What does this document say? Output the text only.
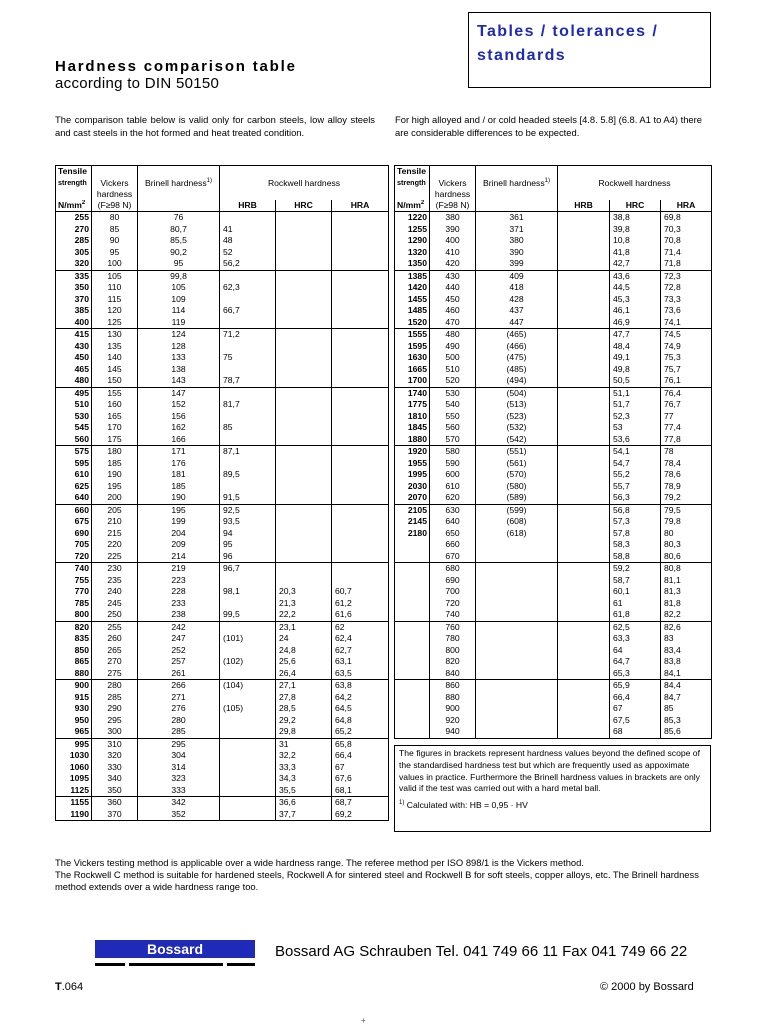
Tables / tolerances / standards
Hardness comparison table
according to DIN 50150
The comparison table below is valid only for carbon steels, low alloy steels and cast steels in the hot formed and heat treated condition.
For high alloyed and / or cold headed steels [4.8. 5.8] (6.8. A1 to A4) there are considerable differences to be expected.
Tensile
strength	Vickers	Brinell hardness$^{1)}$	Rockwell hardness		
	hardness				
$N/mm^2$	(F≥98 N)		HRB	HRC	HRA
255	80	76			
270	85	80,7	41		
285	90	85,5	48		
305	95	90,2	52		
320	100	95	56,2		
335	105	99,8			
350	110	105	62,3		
370	115	109			
385	120	114	66,7		
400	125	119			
415	130	124	71,2		
430	135	128			
450	140	133	75		
465	145	138			
480	150	143	78,7		
495	155	147			
510	160	152	81,7		
530	165	156			
545	170	162	85		
560	175	166			
575	180	171	87,1		
595	185	176			
610	190	181	89,5		
625	195	185			
640	200	190	91,5		
660	205	195	92,5		
675	210	199	93,5		
690	215	204	94		
705	220	209	95		
720	225	214	96		
740	230	219	96,7		
755	235	223			
770	240	228	98,1	20,3	60,7
785	245	233		21,3	61,2
800	250	238	99,5	22,2	61,6
820	255	242		23,1	62
835	260	247	(101)	24	62,4
850	265	252		24,8	62,7
865	270	257	(102)	25,6	63,1
880	275	261		26,4	63,5
900	280	266	(104)	27,1	63,8
915	285	271		27,8	64,2
930	290	276	(105)	28,5	64,5
950	295	280		29,2	64,8
965	300	285		29,8	65,2
995	310	295		31	65,8
1030	320	304		32,2	66,4
1060	330	314		33,3	67
1095	340	323		34,3	67,6
1125	350	333		35,5	68,1
1155	360	342		36,6	68,7
1190	370	352		37,7	69,2
Tensile
strength	Vickers	Brinell hardness$^{1)}$	Rockwell hardness		
	hardness				
$N/mm^2$	(F≥98 N)		HRB	HRC	HRA
1220	380	361		38,8	69,8
1255	390	371		39,8	70,3
1290	400	380		10,8	70,8
1320	410	390		41,8	71,4
1350	420	399		42,7	71,8
1385	430	409		43,6	72,3
1420	440	418		44,5	72,8
1455	450	428		45,3	73,3
1485	460	437		46,1	73,6
1520	470	447		46,9	74,1
1555	480	(465)		47,7	74,5
1595	490	(466)		48,4	74,9
1630	500	(475)		49,1	75,3
1665	510	(485)		49,8	75,7
1700	520	(494)		50,5	76,1
1740	530	(504)		51,1	76,4
1775	540	(513)		51,7	76,7
1810	550	(523)		52,3	77
1845	560	(532)		53	77,4
1880	570	(542)		53,6	77,8
1920	580	(551)		54,1	78
1955	590	(561)		54,7	78,4
1995	600	(570)		55,2	78,6
2030	610	(580)		55,7	78,9
2070	620	(589)		56,3	79,2
2105	630	(599)		56,8	79,5
2145	640	(608)		57,3	79,8
2180	650	(618)		57,8	80
	660			58,3	80,3
	670			58,8	80,6
	680			59,2	80,8
	690			58,7	81,1
	700			60,1	81,3
	720			61	81,8
	740			61,8	82,2
	760			62,5	82,6
	780			63,3	83
	800			64	83,4
	820			64,7	83,8
	840			65,3	84,1
	860			65,9	84,4
	880			66,4	84,7
	900			67	85
	920			67,5	85,3
	940			68	85,6
The figures in brackets represent hardness values beyond the defined scope of the standardised hardness test but which are frequently used as appoximate values in practice. Furthermore the Brinell hardness values in brackets are only valid if the test was carried out with a hard metal ball.
$^{1)}$ Calculated with: HB = 0,95 · HV
The Vickers testing method is applicable over a wide hardness range. The referee method per ISO 898/1 is the Vickers method.
The Rockwell C method is suitable for hardened steels, Rockwell A for sintered steel and Rockwell B for soft steels, copper alloys, etc. The Brinell hardness method extends over a wide hardness range too.
Bossard	Bossard AG Schrauben Tel. 041 749 66 11 Fax 041 749 66 22
T.064	© 2000 by Bossard
+
